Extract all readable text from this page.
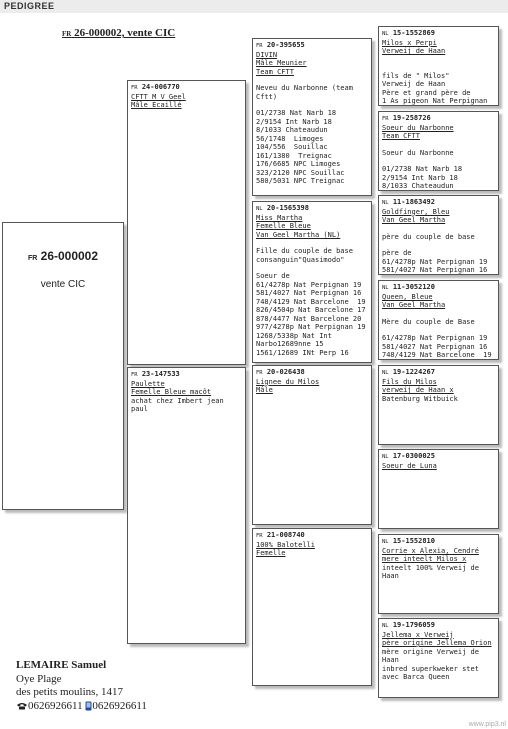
PEDIGREE
FR 26-000002, vente CIC

FR 26-000002

vente CIC

FR 24-006770
CFTT M V Geel
Mâle Écaillé
FR 23-147533
Paulette
Femelle Bleue macôt
achat chez Imbert jean
paul
FR 20-395655
DIVIN
Mâle Meunier
Team CFTT
Neveu du Narbonne (team
Cftt)
01/2738 Nat Narb 18
2/9154 Int Narb 18
8/1033 Chateaudun
56/1748  Limoges
104/556  Souillac
161/1380  Treignac
176/6685 NPC Limoges
323/2120 NPC Souillac
580/5031 NPC Treignac
NL 20-1565398
Miss Martha
Femelle Bleue
Van Geel Martha (NL)
Fille du couple de base
consanguin"Quasimodo"
Soeur de
61/4278p Nat Perpignan 19
581/4027 Nat Perpignan 16
748/4129 Nat Barcelone  19
826/4504p Nat Barcelone 17
878/4477 Nat Barcelone 20
977/4278p Nat Perpignan 19
1268/5338p Nat Int
Narbo12689nne 15
1561/12689 INt Perp 16
FR 20-026438
Lignee du Milos
Mâle
FR 21-008740
100% Balotelli
Femelle
NL 15-1552869
Milos x Perpi
Verweij de Haan
fils de " Milos"
Verweij de Haan
Père et grand père de
1 As pigeon Nat Perpignan
FR 19-258726
Soeur du Narbonne
Team CFTT
Soeur du Narbonne
01/2738 Nat Narb 18
2/9154 Int Narb 18
8/1033 Chateaudun
NL 11-1863492
Goldfinger, Bleu
Van Geel Martha
père du couple de base
père de
61/4278p Nat Perpignan 19
581/4027 Nat Perpignan 16
NL 11-3052120
Queen, Bleue
Van Geel Martha
Mère du couple de Base
61/4278p Nat Perpignan 19
581/4027 Nat Perpignan 16
748/4129 Nat Barcelone  19
NL 19-1224267
Fils du Milos
verweij de Haan x
Batenburg Witbuick
NL 17-0300025
Soeur de Luna
NL 15-1552810
Corrie x Alexia, Cendré
mere inteelt Milos x
inteelt 100% Verweij de
Haan
NL 19-1796059
Jellema x Verweij
père origine Jellema Orion
mère origine Verweij de
Haan
inbred superkweker stet
avec Barca Queen
LEMAIRE Samuel
Oye Plage
des petits moulins, 1417
0626926611 0626926611
www.pip3.nl
